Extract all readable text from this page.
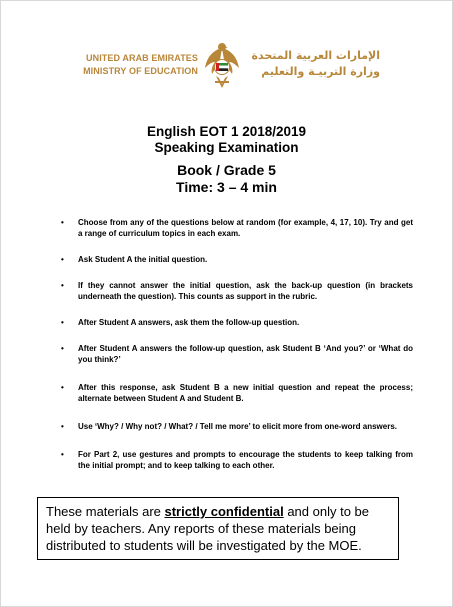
UNITED ARAB EMIRATES
MINISTRY OF EDUCATION
الإمارات العربية المتحدة
وزارة التربيـة والتعليم
English EOT 1 2018/2019
Speaking Examination
Book / Grade 5
Time: 3 – 4 min
• Choose from any of the questions below at random (for example, 4, 17, 10). Try and get a range of curriculum topics in each exam.
• Ask Student A the initial question.
• If they cannot answer the initial question, ask the back-up question (in brackets underneath the question). This counts as support in the rubric.
• After Student A answers, ask them the follow-up question.
• After Student A answers the follow-up question, ask Student B ‘And you?’ or ‘What do you think?’
• After this response, ask Student B a new initial question and repeat the process; alternate between Student A and Student B.
• Use ‘Why? / Why not? / What? / Tell me more’ to elicit more from one-word answers.
• For Part 2, use gestures and prompts to encourage the students to keep talking from the initial prompt; and to keep talking to each other.
These materials are strictly confidential and only to be held by teachers. Any reports of these materials being distributed to students will be investigated by the MOE.
